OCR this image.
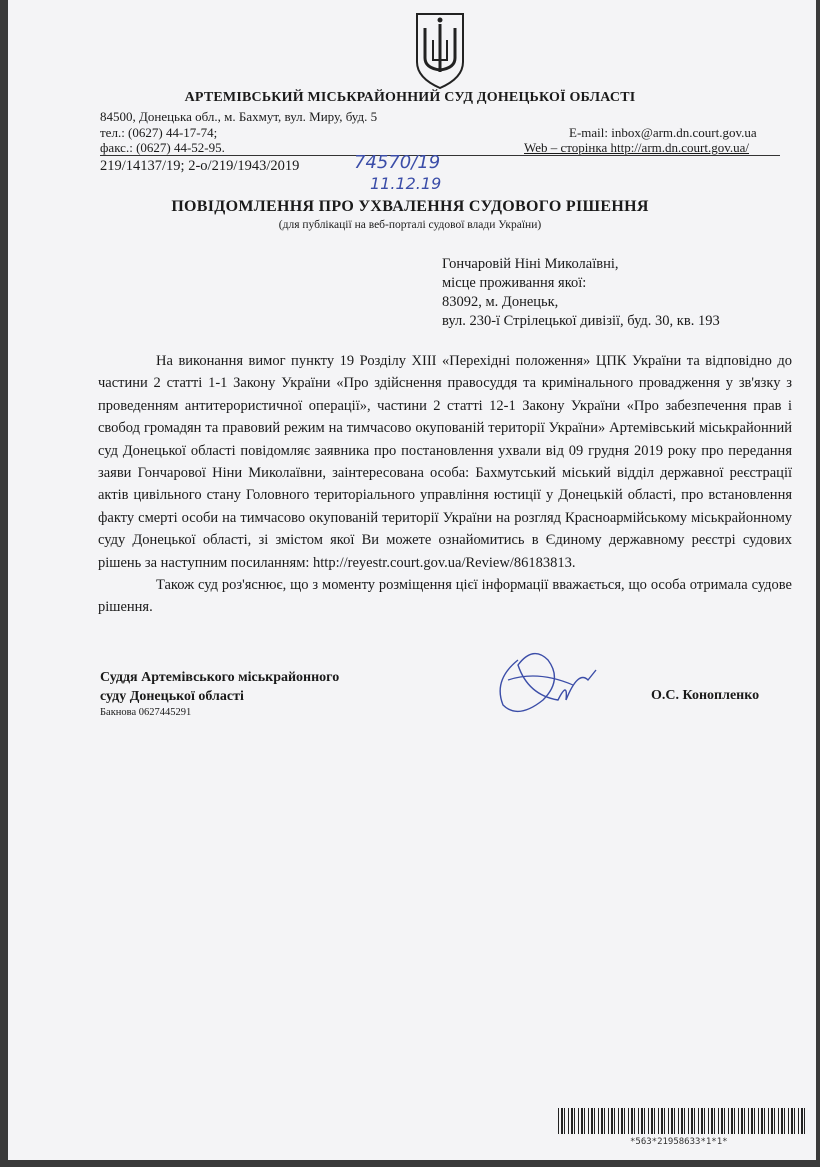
АРТЕМІВСЬКИЙ МІСЬКРАЙОННИЙ СУД ДОНЕЦЬКОЇ ОБЛАСТІ
84500, Донецька обл., м. Бахмут, вул. Миру, буд. 5
тел.: (0627) 44-17-74;
факс.: (0627) 44-52-95.
E-mail: inbox@arm.dn.court.gov.ua
Web – сторінка http://arm.dn.court.gov.ua/
219/14137/19; 2-о/219/1943/2019	74570/19
11.12.19
ПОВІДОМЛЕННЯ ПРО УХВАЛЕННЯ СУДОВОГО РІШЕННЯ
(для публікації на веб-порталі судової влади України)
Гончаровій Ніні Миколаївні,
місце проживання якої:
83092, м. Донецьк,
вул. 230-ї Стрілецької дивізії, буд. 30, кв. 193

На виконання вимог пункту 19 Розділу ХІІІ «Перехідні положення» ЦПК України та відповідно до частини 2 статті 1-1 Закону України «Про здійснення правосуддя та кримінального провадження у зв'язку з проведенням антитерористичної операції», частини 2 статті 12-1 Закону України «Про забезпечення прав і свобод громадян та правовий режим на тимчасово окупованій території України» Артемівський міськрайонний суд Донецької області повідомляє заявника про постановлення ухвали від 09 грудня 2019 року про передання заяви Гончарової Ніни Миколаївни, заінтересована особа: Бахмутський міський відділ державної реєстрації актів цивільного стану Головного територіального управління юстиції у Донецькій області, про встановлення факту смерті особи на тимчасово окупованій території України на розгляд Красноармійському міськрайонному суду Донецької області, зі змістом якої Ви можете ознайомитись в Єдиному державному реєстрі судових рішень за наступним посиланням: http://reyestr.court.gov.ua/Review/86183813.

Також суд роз'яснює, що з моменту розміщення цієї інформації вважається, що особа отримала судове рішення.

Суддя Артемівського міськрайонного
суду Донецької області
Бакнова 0627445291
О.С. Конопленко
*563*21958633*1*1*
